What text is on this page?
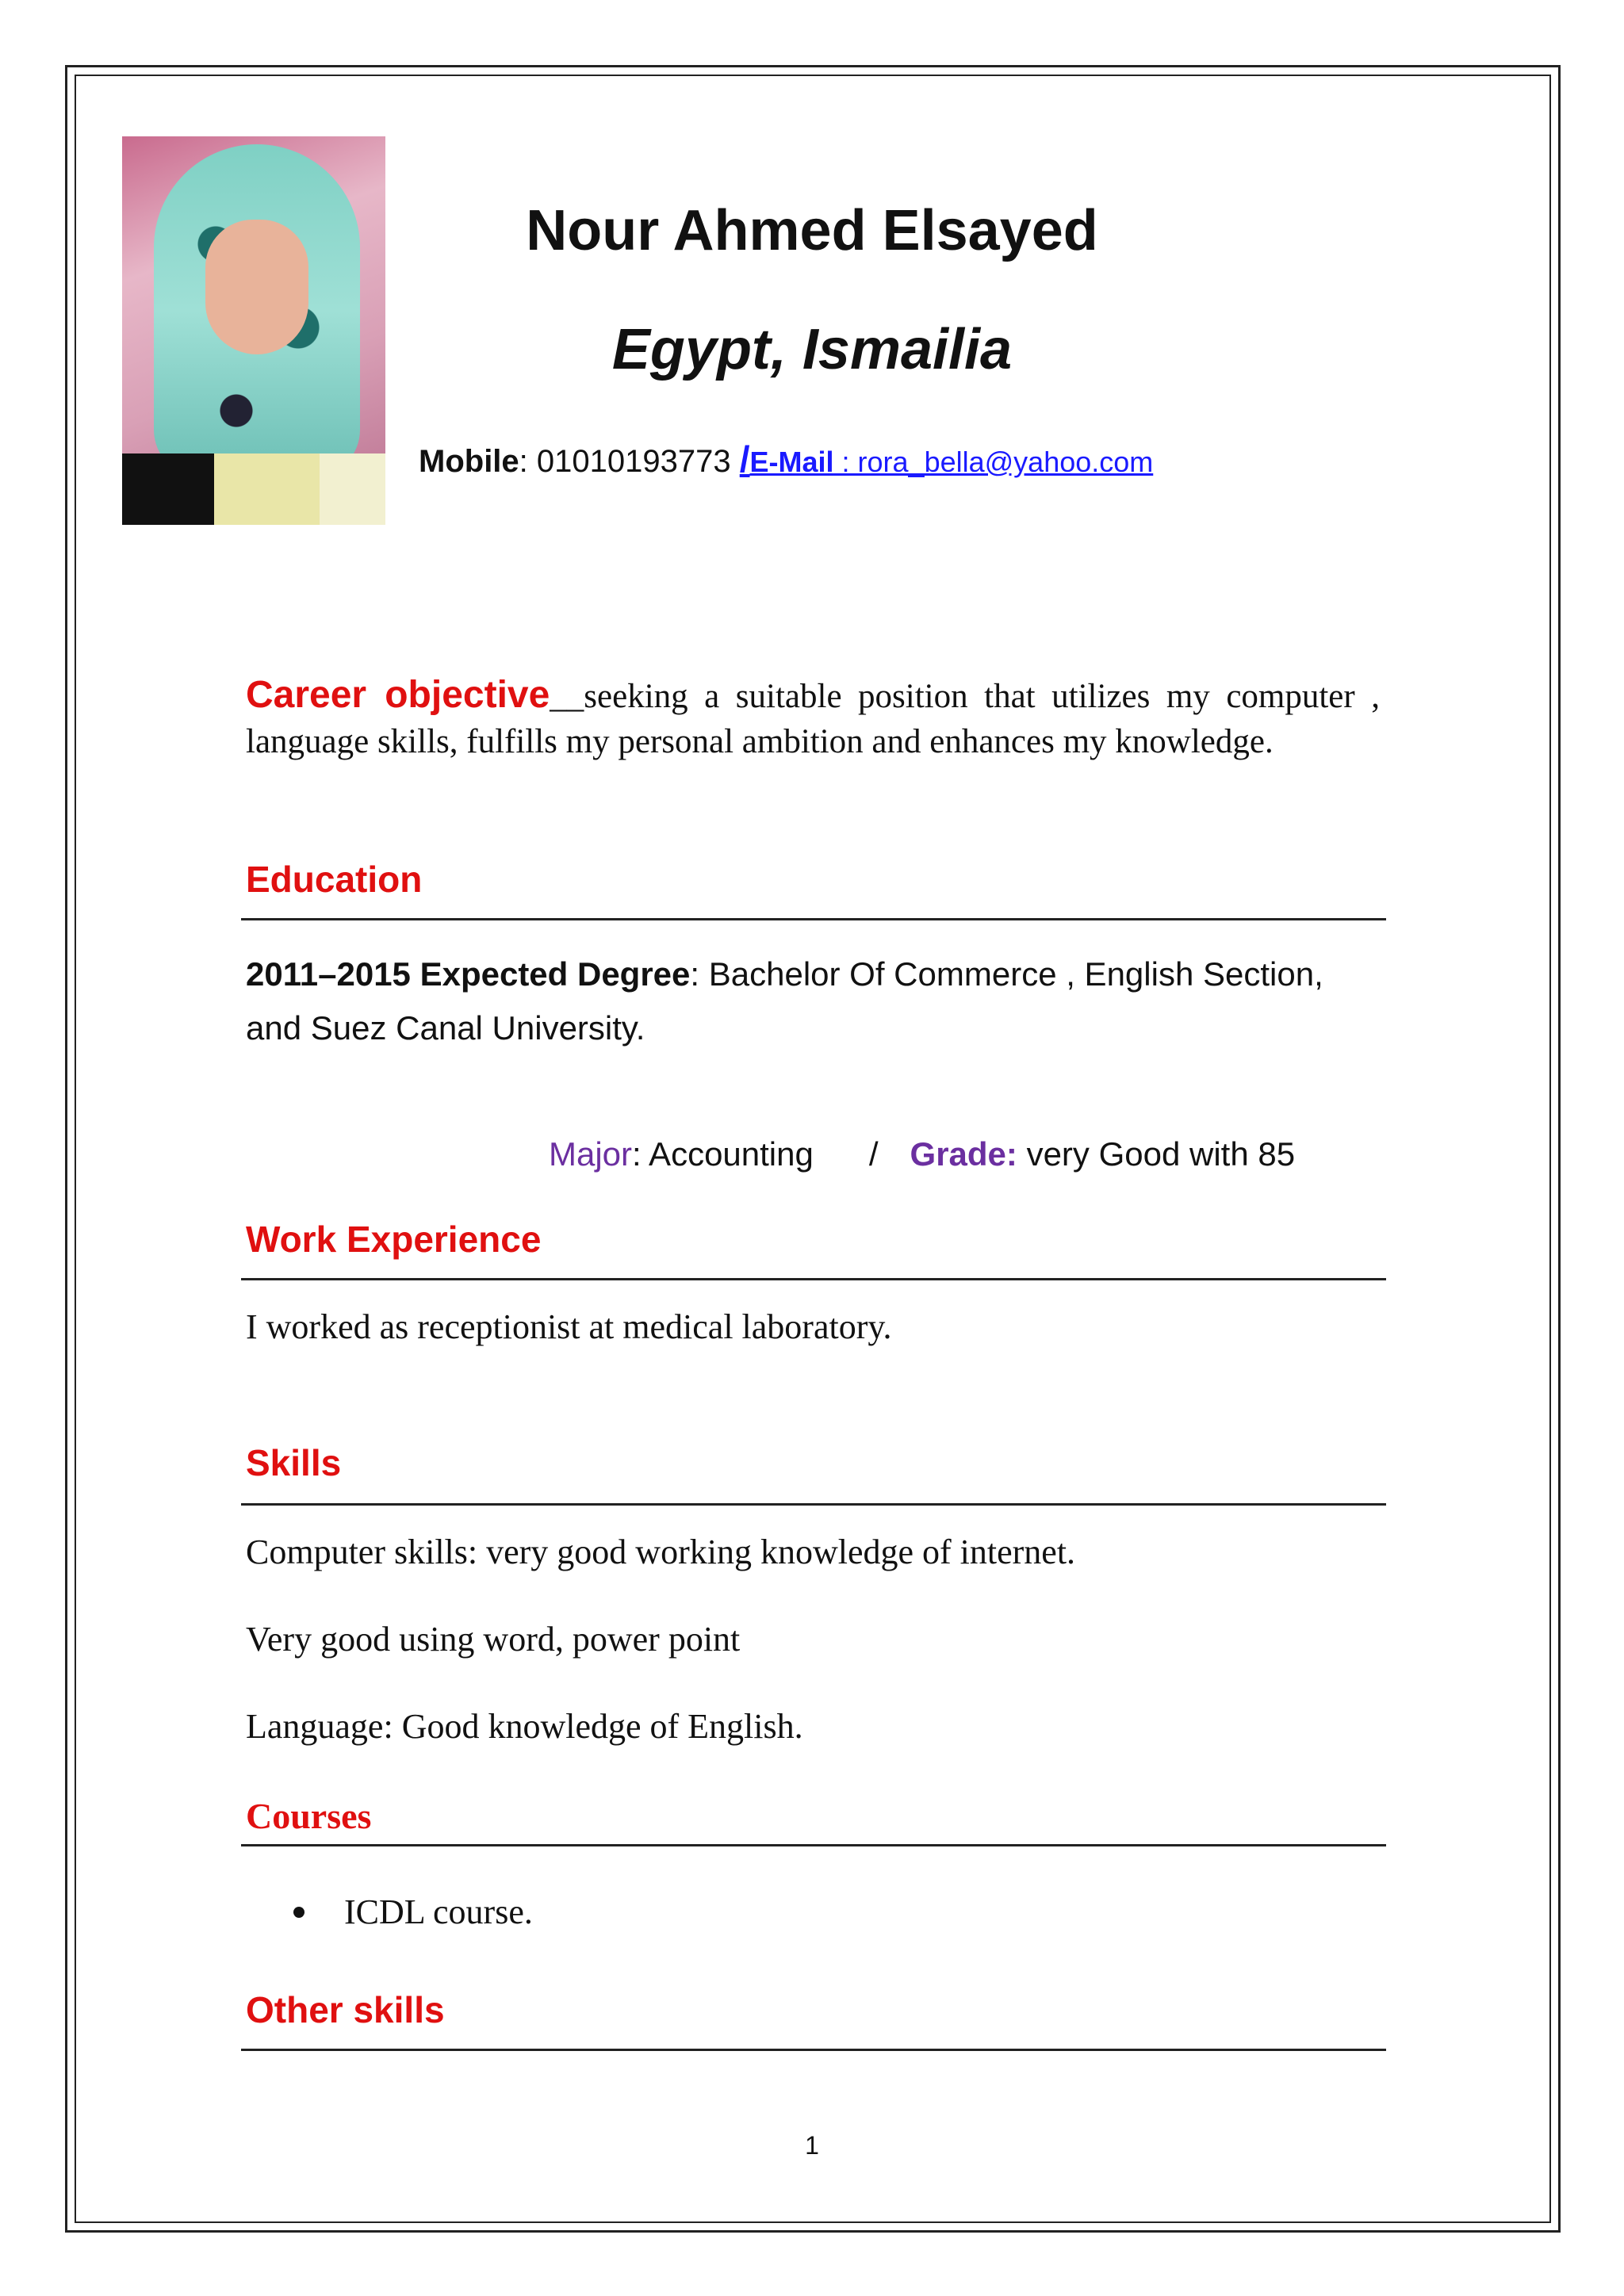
Nour Ahmed Elsayed
Egypt, Ismailia
Mobile: 01010193773 /E-Mail : rora_bella@yahoo.com
Career objective__seeking a suitable position that utilizes my computer , language skills, fulfills my personal ambition and enhances my knowledge.
Education
2011–2015 Expected Degree: Bachelor Of Commerce , English Section, and Suez Canal University.
Major: Accounting / Grade: very Good with 85
Work Experience
I worked as receptionist at medical laboratory.
Skills
Computer skills: very good working knowledge of internet.
Very good using word, power point
Language: Good knowledge of English.
Courses
ICDL course.
Other skills
1
